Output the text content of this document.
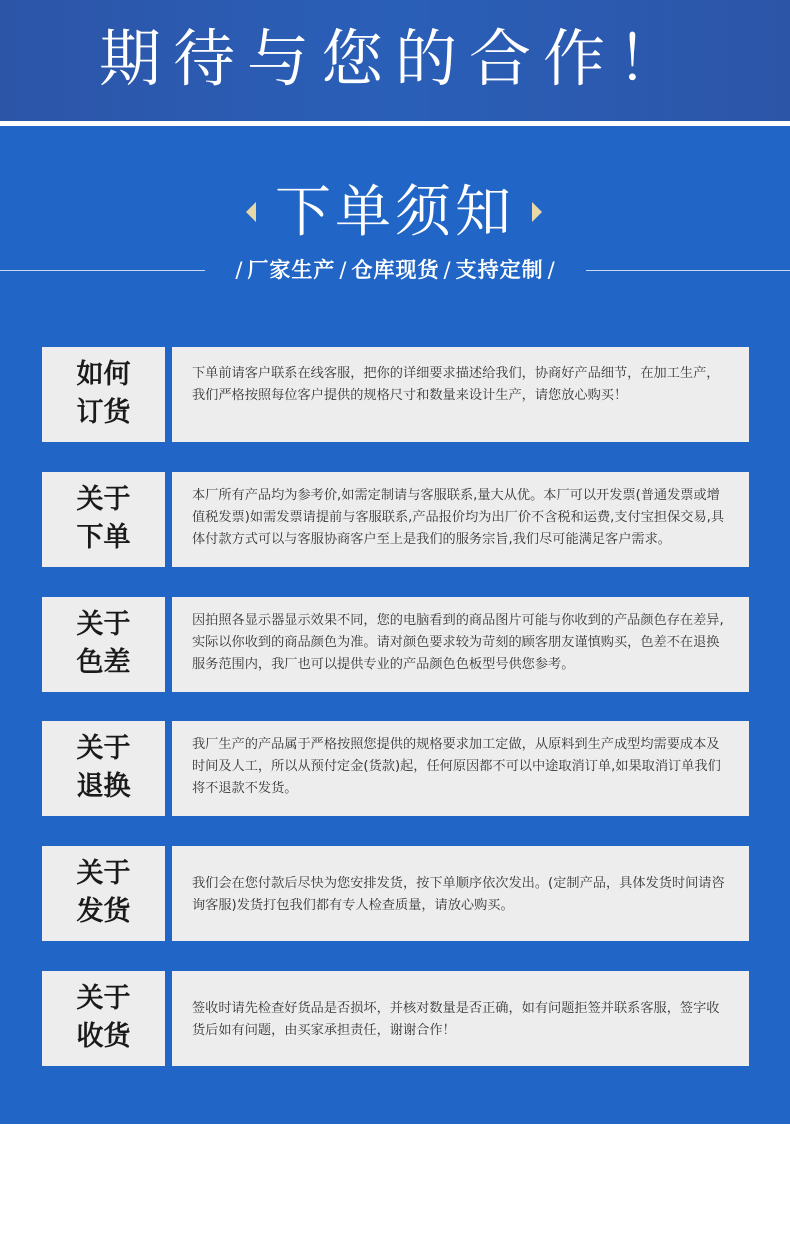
期待与您的合作！
下单须知
/ 厂家生产 / 仓库现货 / 支持定制 /
如何
订货
下单前请客户联系在线客服，把你的详细要求描述给我们，协商好产品细节，在加工生产，我们严格按照每位客户提供的规格尺寸和数量来设计生产，请您放心购买！
关于
下单
本厂所有产品均为参考价,如需定制请与客服联系,量大从优。本厂可以开发票(普通发票或增值税发票)如需发票请提前与客服联系,产品报价均为出厂价不含税和运费,支付宝担保交易,具体付款方式可以与客服协商客户至上是我们的服务宗旨,我们尽可能满足客户需求。
关于
色差
因拍照各显示器显示效果不同，您的电脑看到的商品图片可能与你收到的产品颜色存在差异,实际以你收到的商品颜色为准。请对颜色要求较为苛刻的顾客朋友谨慎购买，色差不在退换服务范围内，我厂也可以提供专业的产品颜色色板型号供您参考。
关于
退换
我厂生产的产品属于严格按照您提供的规格要求加工定做，从原料到生产成型均需要成本及时间及人工，所以从预付定金(货款)起，任何原因都不可以中途取消订单,如果取消订单我们将不退款不发货。
关于
发货
我们会在您付款后尽快为您安排发货，按下单顺序依次发出。(定制产品，具体发货时间请咨询客服)发货打包我们都有专人检查质量，请放心购买。
关于
收货
签收时请先检查好货品是否损坏，并核对数量是否正确，如有问题拒签并联系客服，签字收货后如有问题，由买家承担责任，谢谢合作！
